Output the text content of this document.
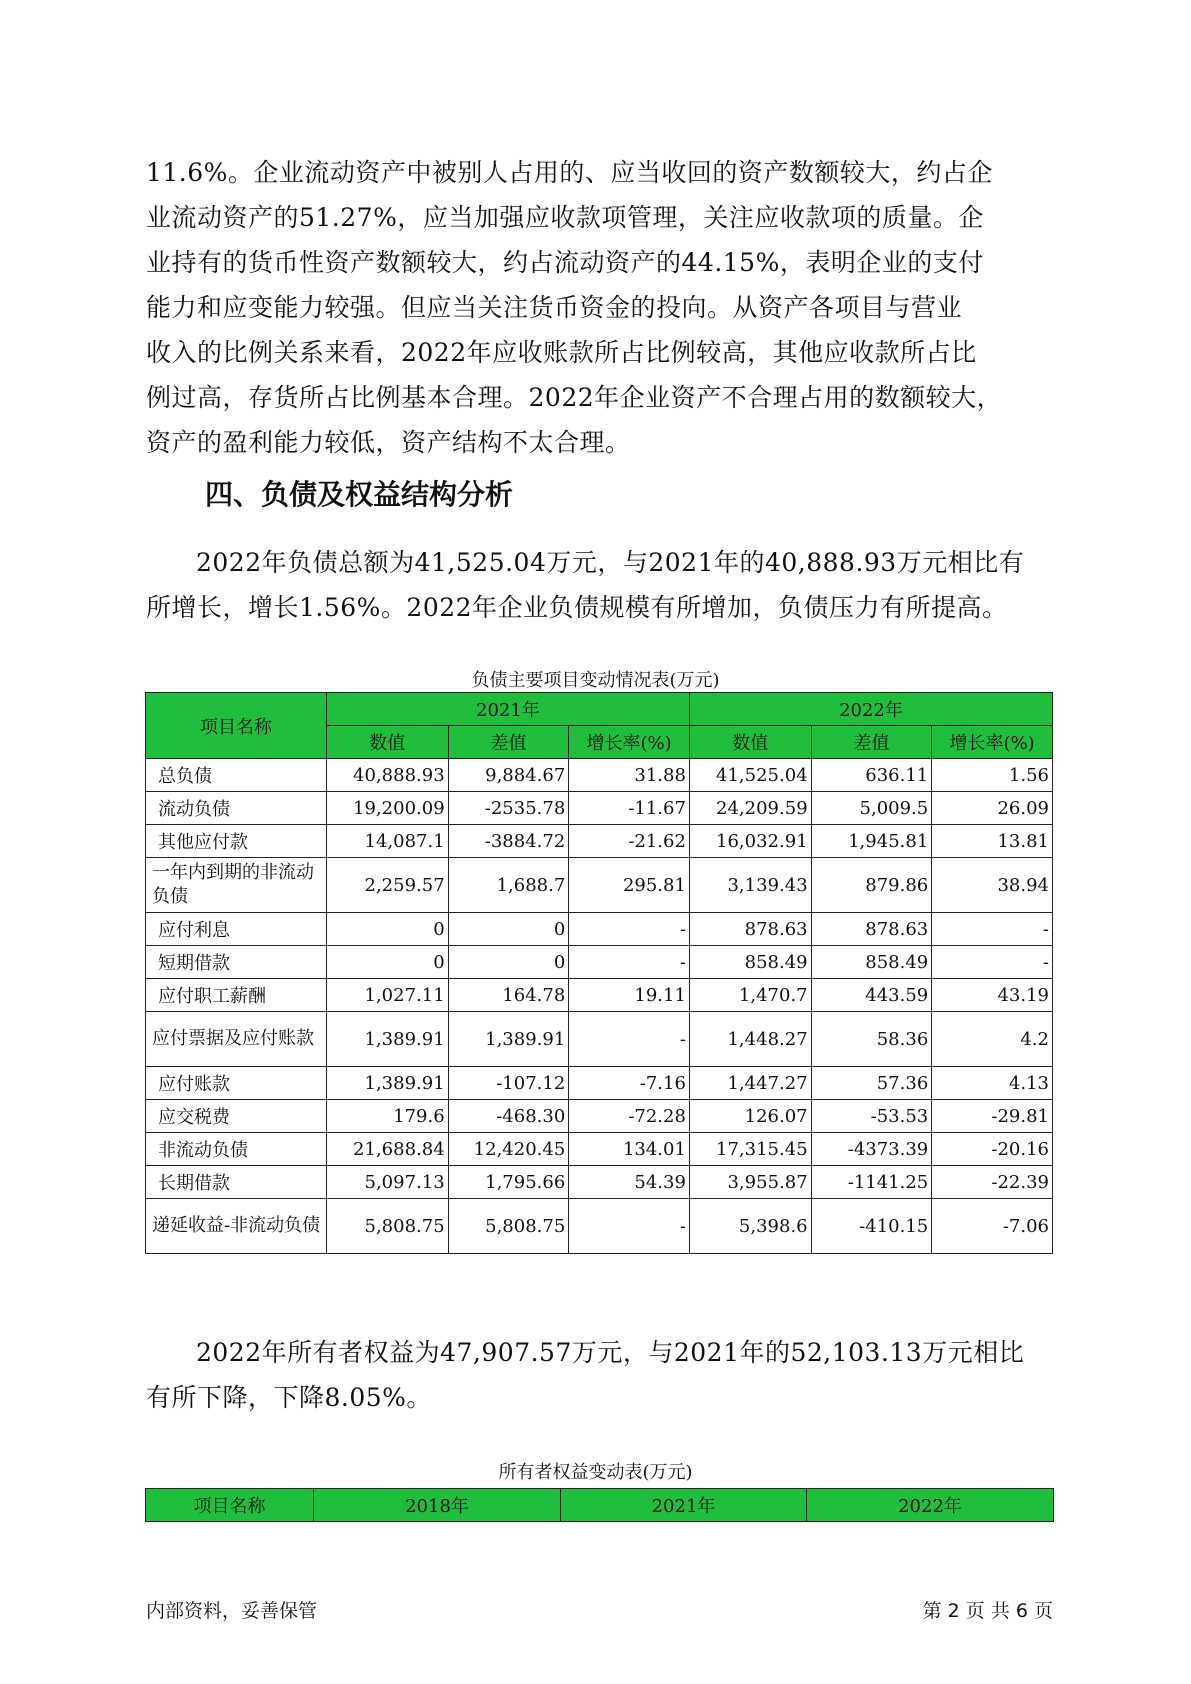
11.6%。企业流动资产中被别人占用的、应当收回的资产数额较大，约占企
业流动资产的51.27%，应当加强应收款项管理，关注应收款项的质量。企
业持有的货币性资产数额较大，约占流动资产的44.15%，表明企业的支付
能力和应变能力较强。但应当关注货币资金的投向。从资产各项目与营业
收入的比例关系来看，2022年应收账款所占比例较高，其他应收款所占比
例过高，存货所占比例基本合理。2022年企业资产不合理占用的数额较大，
资产的盈利能力较低，资产结构不太合理。
四、负债及权益结构分析
2022年负债总额为41,525.04万元，与2021年的40,888.93万元相比有
所增长，增长1.56%。2022年企业负债规模有所增加，负债压力有所提高。
负债主要项目变动情况表(万元)
项目名称	2021年			2022年		
	数值	差值	增长率(%)	数值	差值	增长率(%)
总负债	40,888.93	9,884.67	31.88	41,525.04	636.11	1.56
流动负债	19,200.09	-2535.78	-11.67	24,209.59	5,009.5	26.09
其他应付款	14,087.1	-3884.72	-21.62	16,032.91	1,945.81	13.81
一年内到期的非流动负债	2,259.57	1,688.7	295.81	3,139.43	879.86	38.94
应付利息	0	0	-	878.63	878.63	-
短期借款	0	0	-	858.49	858.49	-
应付职工薪酬	1,027.11	164.78	19.11	1,470.7	443.59	43.19
应付票据及应付账款	1,389.91	1,389.91	-	1,448.27	58.36	4.2
应付账款	1,389.91	-107.12	-7.16	1,447.27	57.36	4.13
应交税费	179.6	-468.30	-72.28	126.07	-53.53	-29.81
非流动负债	21,688.84	12,420.45	134.01	17,315.45	-4373.39	-20.16
长期借款	5,097.13	1,795.66	54.39	3,955.87	-1141.25	-22.39
递延收益-非流动负债	5,808.75	5,808.75	-	5,398.6	-410.15	-7.06
2022年所有者权益为47,907.57万元，与2021年的52,103.13万元相比
有所下降，下降8.05%。
所有者权益变动表(万元)
项目名称	2018年	2021年	2022年
内部资料，妥善保管	第 2 页 共 6 页
